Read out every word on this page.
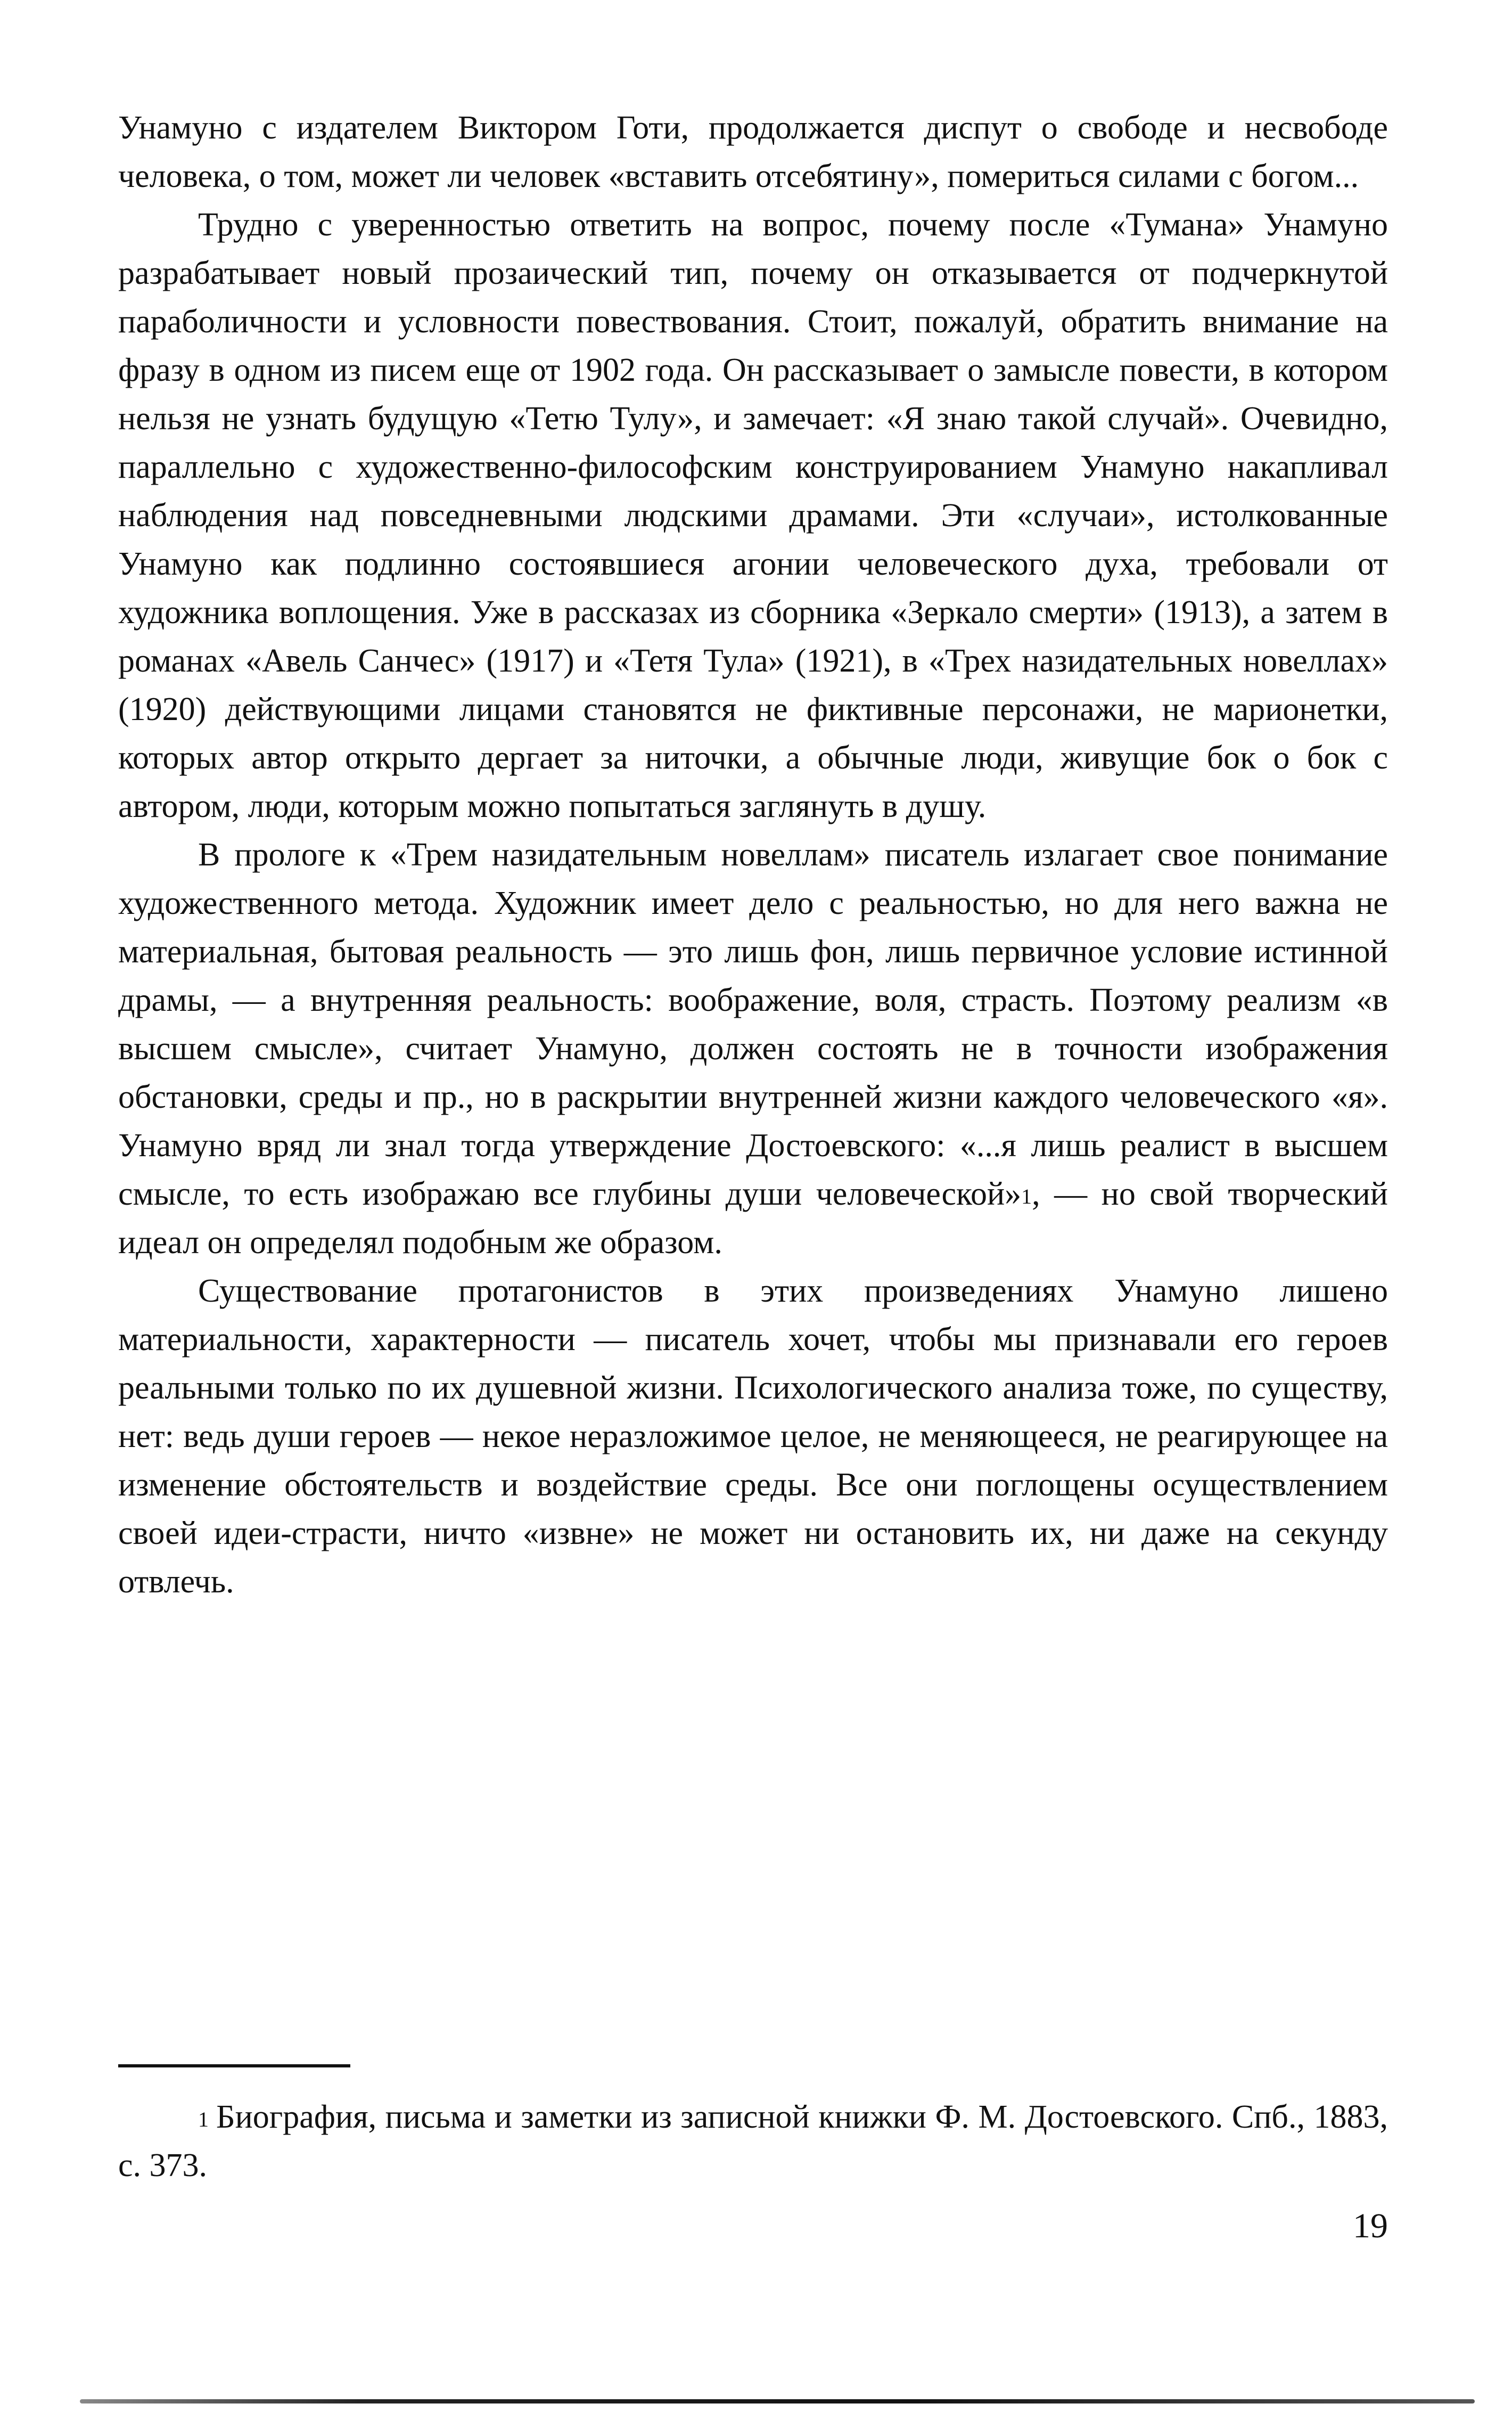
Унамуно с издателем Виктором Готи, продолжается диспут о свободе и несвободе человека, о том, может ли человек «вставить отсебятину», помериться силами с богом...

Трудно с уверенностью ответить на вопрос, почему после «Тумана» Унамуно разрабатывает новый прозаический тип, почему он отказывается от подчеркнутой параболичности и условности повествования. Стоит, пожалуй, обратить внимание на фразу в одном из писем еще от 1902 года. Он рассказывает о замысле повести, в котором нельзя не узнать будущую «Тетю Тулу», и замечает: «Я знаю такой случай». Очевидно, параллельно с художественно-философским конструированием Унамуно накапливал наблюдения над повседневными людскими драмами. Эти «случаи», истолкованные Унамуно как подлинно состоявшиеся агонии человеческого духа, требовали от художника воплощения. Уже в рассказах из сборника «Зеркало смерти» (1913), а затем в романах «Авель Санчес» (1917) и «Тетя Тула» (1921), в «Трех назидательных новеллах» (1920) действующими лицами становятся не фиктивные персонажи, не марионетки, которых автор открыто дергает за ниточки, а обычные люди, живущие бок о бок с автором, люди, которым можно попытаться заглянуть в душу.

В прологе к «Трем назидательным новеллам» писатель излагает свое понимание художественного метода. Художник имеет дело с реальностью, но для него важна не материальная, бытовая реальность — это лишь фон, лишь первичное условие истинной драмы, — а внутренняя реальность: воображение, воля, страсть. Поэтому реализм «в высшем смысле», считает Унамуно, должен состоять не в точности изображения обстановки, среды и пр., но в раскрытии внутренней жизни каждого человеческого «я». Унамуно вряд ли знал тогда утверждение Достоевского: «...я лишь реалист в высшем смысле, то есть изображаю все глубины души человеческой»$^1$, — но свой творческий идеал он определял подобным же образом.

Существование протагонистов в этих произведениях Унамуно лишено материальности, характерности — писатель хочет, чтобы мы признавали его героев реальными только по их душевной жизни. Психологического анализа тоже, по существу, нет: ведь души героев — некое неразложимое целое, не меняющееся, не реагирующее на изменение обстоятельств и воздействие среды. Все они поглощены осуществлением своей идеи-страсти, ничто «извне» не может ни остановить их, ни даже на секунду отвлечь.

$^1$ Биография, письма и заметки из записной книжки Ф. М. Достоевского. Спб., 1883, с. 373.
19
